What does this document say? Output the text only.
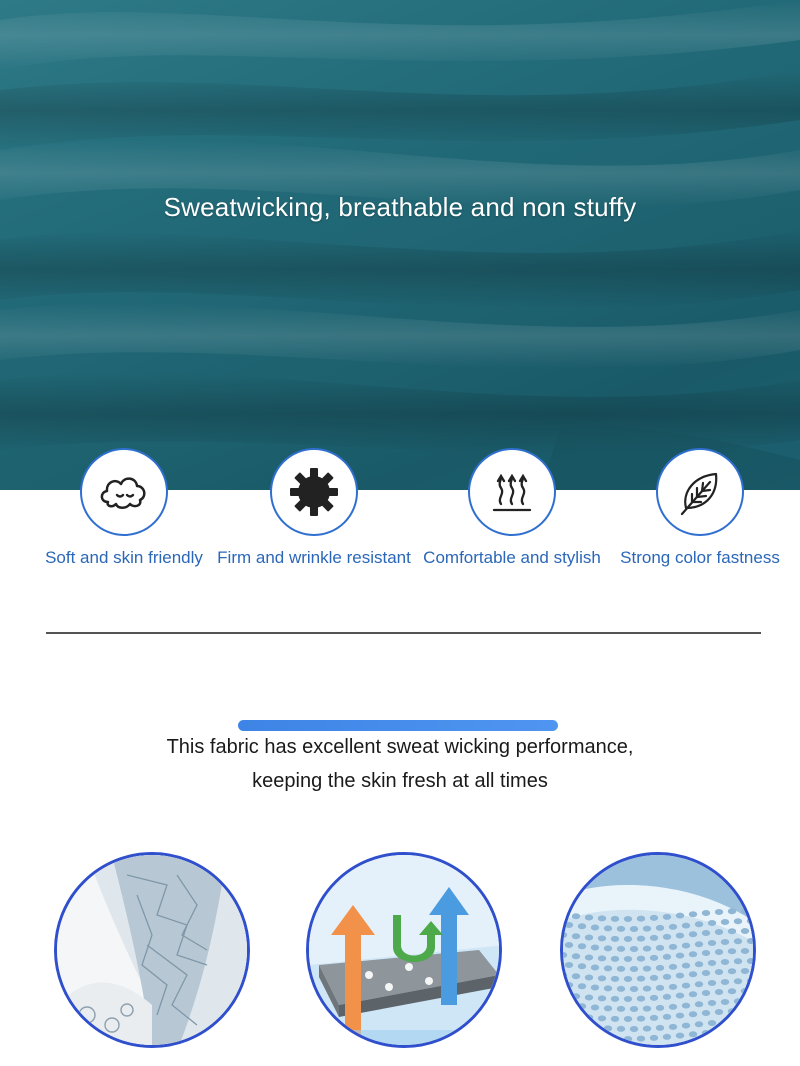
Sweatwicking, breathable and non stuffy
Soft and skin friendly Firm and wrinkle resistant Comfortable and stylish	Strong color fastness
This fabric has excellent sweat wicking performance,
keeping the skin fresh at all times
